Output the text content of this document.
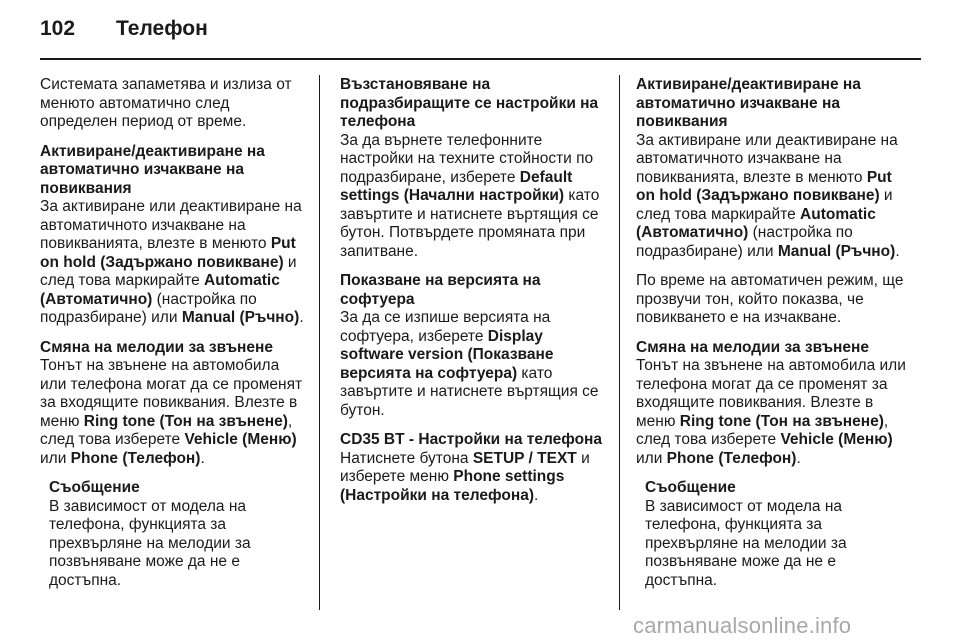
102 Телефон

Системата запаметява и излиза от менюто автоматично след определен период от време.

Активиране/деактивиране на автоматично изчакване на повиквания
За активиране или деактивиране на автоматичното изчакване на повикванията, влезте в менюто Put on hold (Задържано повикване) и след това маркирайте Automatic (Автоматично) (настройка по подразбиране) или Manual (Ръчно).

Смяна на мелодии за звънене
Тонът на звънене на автомобила или телефона могат да се променят за входящите повиквания. Влезте в меню Ring tone (Тон на звънене), след това изберете Vehicle (Меню) или Phone (Телефон).

Съобщение
В зависимост от модела на телефона, функцията за прехвърляне на мелодии за позвъняване може да не е достъпна.

Възстановяване на подразбиращите се настройки на телефона
За да върнете телефонните настройки на техните стойности по подразбиране, изберете Default settings (Начални настройки) като завъртите и натиснете въртящия се бутон. Потвърдете промяната при запитване.

Показване на версията на софтуера
За да се изпише версията на софтуера, изберете Display software version (Показване версията на софтуера) като завъртите и натиснете въртящия се бутон.

CD35 BT - Настройки на телефона
Натиснете бутона SETUP / TEXT и изберете меню Phone settings (Настройки на телефона).

Активиране/деактивиране на автоматично изчакване на повиквания
За активиране или деактивиране на автоматичното изчакване на повикванията, влезте в менюто Put on hold (Задържано повикване) и след това маркирайте Automatic (Автоматично) (настройка по подразбиране) или Manual (Ръчно).

По време на автоматичен режим, ще прозвучи тон, който показва, че повикването е на изчакване.

Смяна на мелодии за звънене
Тонът на звънене на автомобила или телефона могат да се променят за входящите повиквания. Влезте в меню Ring tone (Тон на звънене), след това изберете Vehicle (Меню) или Phone (Телефон).

Съобщение
В зависимост от модела на телефона, функцията за прехвърляне на мелодии за позвъняване може да не е достъпна.

carmanualsonline.info
